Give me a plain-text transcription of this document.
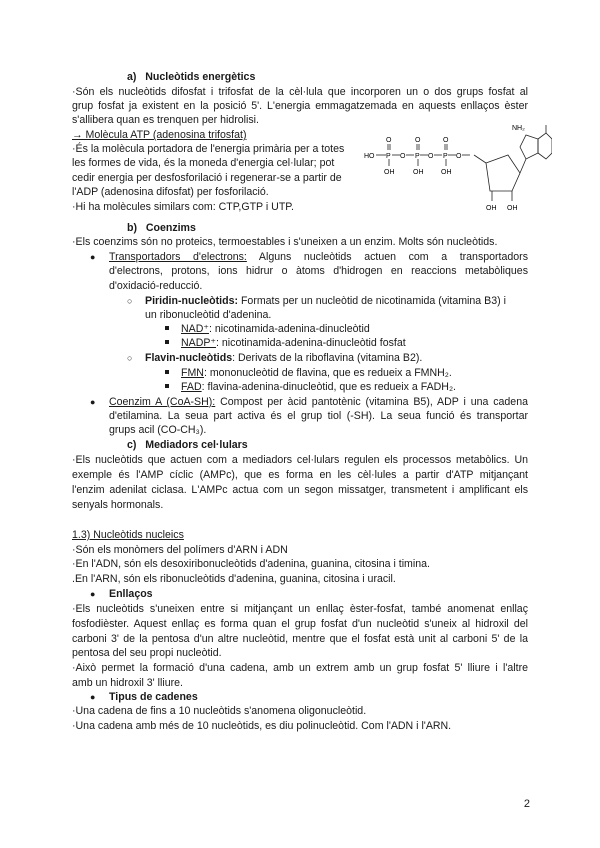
a)   Nucleòtids energètics
·Són els nucleòtids difosfat i trifosfat de la cèl·lula que incorporen un o dos grups fosfat al
grup fosfat ja existent en la posició 5'. L'energia emmagatzemada en aquests enllaços èster
s'allibera quan es trenquen per hidrolisi.
→ Molècula ATP (adenosina trifosfat)
·És la molècula portadora de l'energia primària per a totes
les formes de vida, és la moneda d'energia cel·lular; pot
cedir energia per desfosforilació i regenerar-se a partir de
l'ADP (adenosina difosfat) per fosforilació.
·Hi ha molècules similars com: CTP,GTP i UTP.
NH₂
HO P O P O P O
O	O	O
OH	OH	OH
OH OH
b)   Coenzims
·Els coenzims són no proteics, termoestables i s'uneixen a un enzim. Molts són nucleòtids.
● Transportadors d'electrons: Alguns nucleòtids actuen com a transportadors
d'electrons, protons, ions hidrur o àtoms d'hidrogen en reaccions metabòliques
d'oxidació-reducció.
○ Piridin-nucleòtids: Formats per un nucleòtid de nicotinamida (vitamina B3) i
un ribonucleòtid d'adenina.
NAD⁺: nicotinamida-adenina-dinucleòtid
NADP⁺: nicotinamida-adenina-dinucleòtid fosfat
○ Flavin-nucleòtids: Derivats de la riboflavina (vitamina B2).
FMN: mononucleòtid de flavina, que es redueix a FMNH₂.
FAD: flavina-adenina-dinucleòtid, que es redueix a FADH₂.
● Coenzim A (CoA-SH): Compost per àcid pantotènic (vitamina B5), ADP i una cadena
d'etilamina. La seua part activa és el grup tiol (-SH). La seua funció és transportar
grups acil (CO-CH₃).
c)   Mediadors cel·lulars
·Els nucleòtids que actuen com a mediadors cel·lulars regulen els processos metabòlics. Un
exemple és l'AMP cíclic (AMPc), que es forma en les cèl·lules a partir d'ATP mitjançant
l'enzim adenilat ciclasa. L'AMPc actua com un segon missatger, transmetent i amplificant els
senyals hormonals.
1.3) Nucleòtids nucleics
·Són els monòmers del polímers d'ARN i ADN
·En l'ADN, són els desoxiribonucleòtids d'adenina, guanina, citosina i timina.
.En l'ARN, són els ribonucleòtids d'adenina, guanina, citosina i uracil.
● Enllaços
·Els nucleòtids s'uneixen entre si mitjançant un enllaç èster-fosfat, també anomenat enllaç
fosfodièster. Aquest enllaç es forma quan el grup fosfat d'un nucleòtid s'uneix al hidroxil del
carboni 3' de la pentosa d'un altre nucleòtid, mentre que el fosfat està unit al carboni 5' de la
pentosa del seu propi nucleòtid.
·Això permet la formació d'una cadena, amb un extrem amb un grup fosfat 5' lliure i l'altre
amb un hidroxil 3' lliure.
● Tipus de cadenes
·Una cadena de fins a 10 nucleòtids s'anomena oligonucleòtid.
·Una cadena amb més de 10 nucleòtids, es diu polinucleòtid. Com l'ADN i l'ARN.
2
